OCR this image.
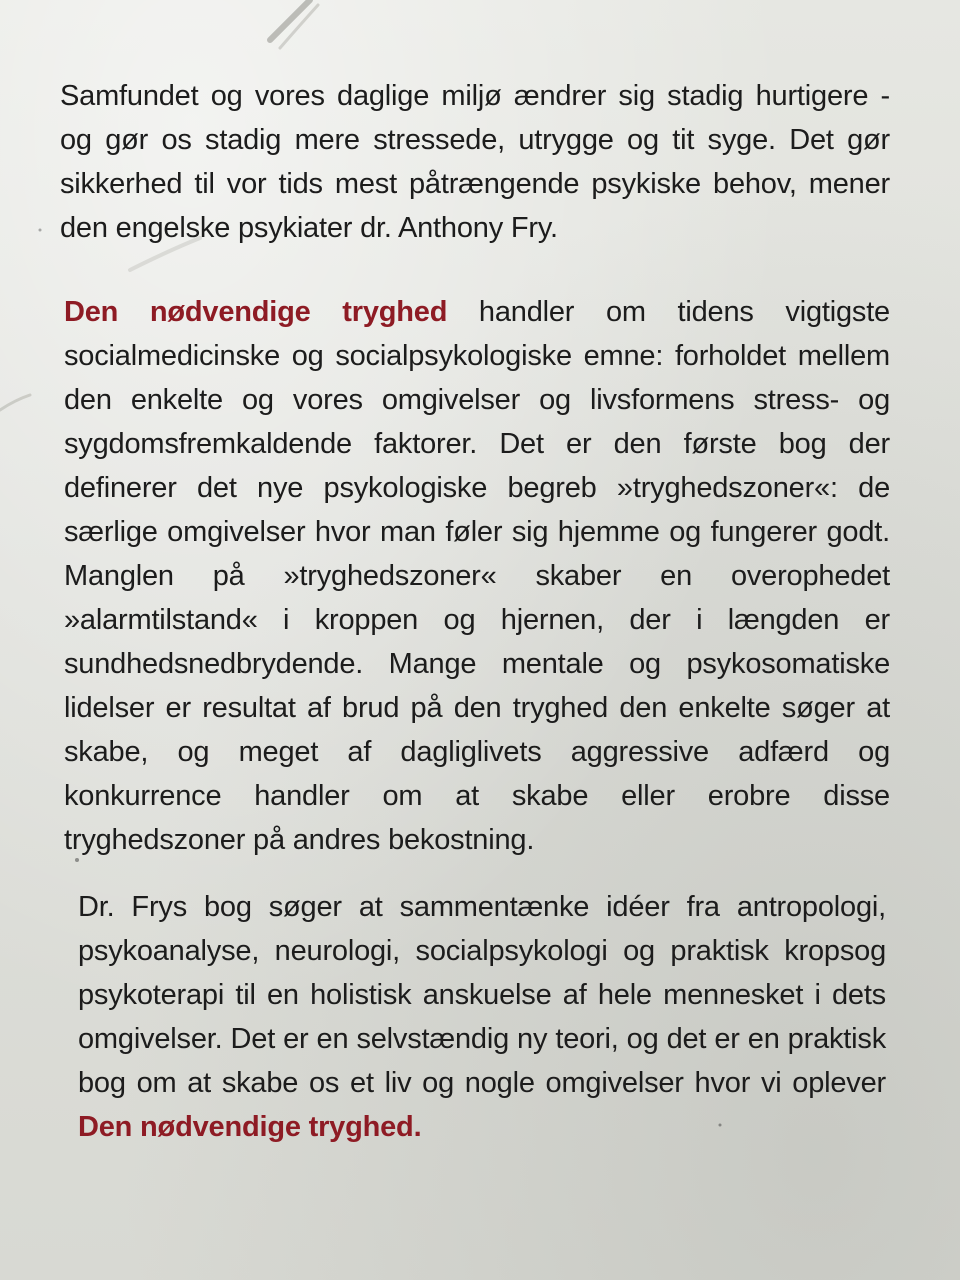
Samfundet og vores daglige miljø ændrer sig stadig hurtigere - og gør os stadig mere stressede, utrygge og tit syge. Det gør sikkerhed til vor tids mest påtrængende psykiske behov, mener den engelske psykiater dr. Anthony Fry.
Den nødvendige tryghed handler om tidens vigtigste socialmedicinske og socialpsykologiske emne: forholdet mellem den enkelte og vores omgivelser og livsformens stress- og sygdomsfremkaldende faktorer. Det er den første bog der definerer det nye psykologiske begreb »tryghedszoner«: de særlige omgivelser hvor man føler sig hjemme og fungerer godt. Manglen på »tryghedszoner« skaber en overophedet »alarmtilstand« i kroppen og hjernen, der i længden er sundhedsnedbrydende. Mange mentale og psykosomatiske lidelser er resultat af brud på den tryghed den enkelte søger at skabe, og meget af dagliglivets aggressive adfærd og konkurrence handler om at skabe eller erobre disse tryghedszoner på andres bekostning.
Dr. Frys bog søger at sammentænke idéer fra antropologi, psykoanalyse, neurologi, socialpsykologi og praktisk kropsog psykoterapi til en holistisk anskuelse af hele mennesket i dets omgivelser. Det er en selvstændig ny teori, og det er en praktisk bog om at skabe os et liv og nogle omgivelser hvor vi oplever Den nødvendige tryghed.
